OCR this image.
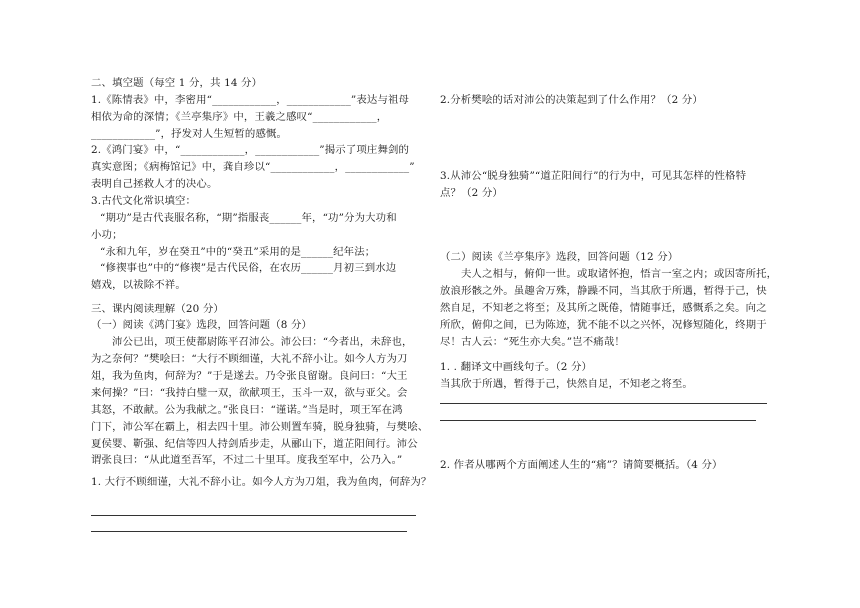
二、填空题（每空 1 分，共 14 分）
1.《陈情表》中，李密用“____________，____________”表达与祖母
相依为命的深情；《兰亭集序》中，王羲之感叹“____________，
____________”，抒发对人生短暂的感慨。
2.《鸿门宴》中，“____________，____________”揭示了项庄舞剑的
真实意图；《病梅馆记》中，龚自珍以“____________，____________”
表明自己拯救人才的决心。
3.古代文化常识填空：
“期功”是古代丧服名称，“期”指服丧______年，“功”分为大功和
小功；
“永和九年，岁在癸丑”中的“癸丑”采用的是______纪年法；
“修禊事也”中的“修禊”是古代民俗，在农历______月初三到水边
嬉戏，以祓除不祥。
三、课内阅读理解（20 分）
（一）阅读《鸿门宴》选段，回答问题（8 分）
沛公已出，项王使都尉陈平召沛公。沛公曰：“今者出，未辞也，
为之奈何？”樊哙曰：“大行不顾细谨，大礼不辞小让。如今人方为刀
俎，我为鱼肉，何辞为？”于是遂去。乃令张良留谢。良问曰：“大王
来何操？”曰：“我持白璧一双，欲献项王，玉斗一双，欲与亚父。会
其怒，不敢献。公为我献之。”张良曰：“谨诺。”当是时，项王军在鸿
门下，沛公军在霸上，相去四十里。沛公则置车骑，脱身独骑，与樊哙、
夏侯婴、靳强、纪信等四人持剑盾步走，从郦山下，道芷阳间行。沛公
谓张良曰：“从此道至吾军，不过二十里耳。度我至军中，公乃入。”
1. 大行不顾细谨，大礼不辞小让。如今人方为刀俎，我为鱼肉，何辞为？
2.分析樊哙的话对沛公的决策起到了什么作用？（2 分）
3.从沛公“脱身独骑”“道芷阳间行”的行为中，可见其怎样的性格特
点？（2 分）
（二）阅读《兰亭集序》选段，回答问题（12 分）
夫人之相与，俯仰一世。或取诸怀抱，悟言一室之内；或因寄所托，
放浪形骸之外。虽趣舍万殊，静躁不同，当其欣于所遇，暂得于己，快
然自足，不知老之将至；及其所之既倦，情随事迁，感慨系之矣。向之
所欣，俯仰之间，已为陈迹，犹不能不以之兴怀，况修短随化，终期于
尽！古人云：“死生亦大矣。”岂不痛哉！
1. . 翻译文中画线句子。（2 分）
当其欣于所遇，暂得于己，快然自足，不知老之将至。
2. 作者从哪两个方面阐述人生的“痛”？请简要概括。（4 分）
